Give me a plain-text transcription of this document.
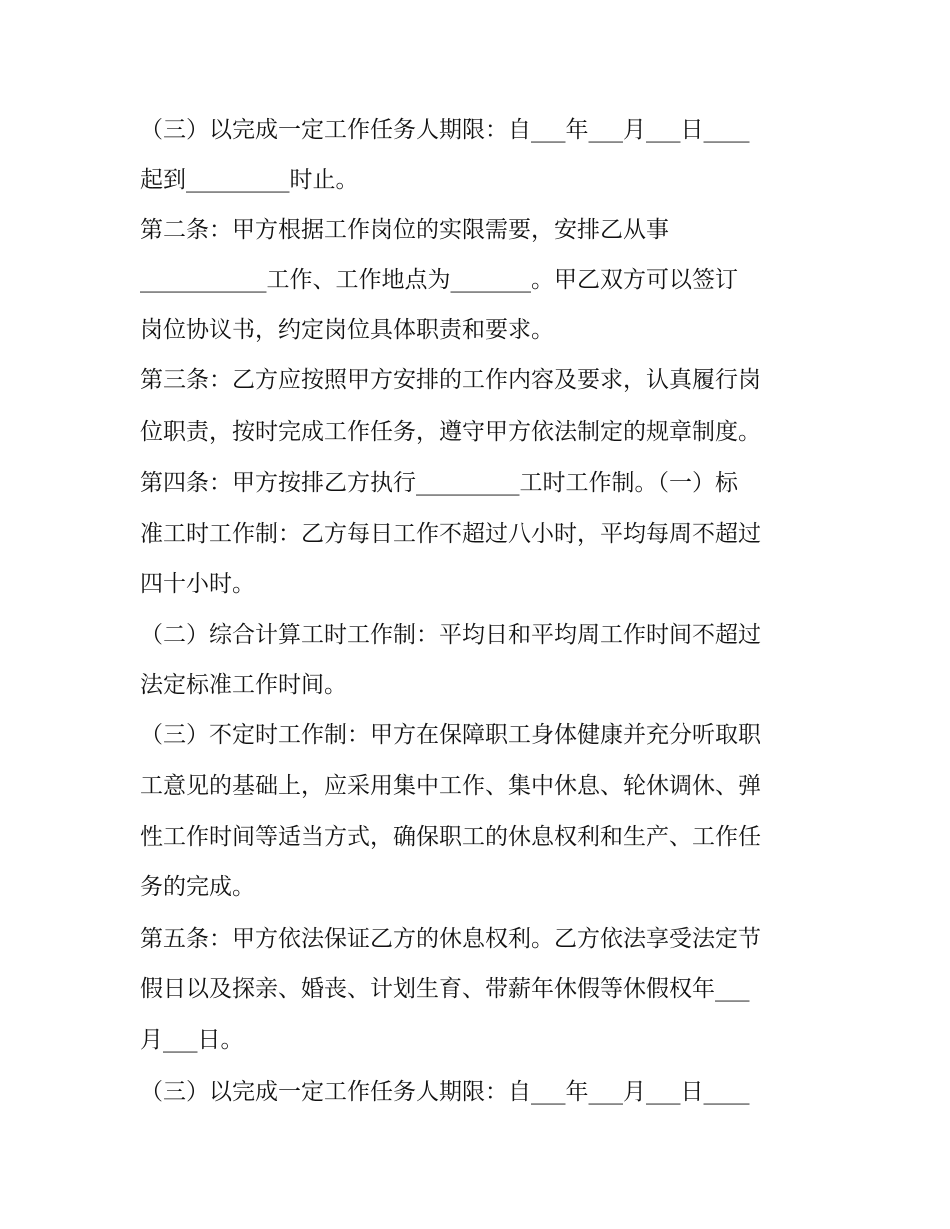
（三）以完成一定工作任务人期限：自___年___月___日____
起到_________时止。
第二条：甲方根据工作岗位的实限需要，安排乙从事
___________工作、工作地点为_______。甲乙双方可以签订
岗位协议书，约定岗位具体职责和要求。
第三条：乙方应按照甲方安排的工作内容及要求，认真履行岗
位职责，按时完成工作任务，遵守甲方依法制定的规章制度。
第四条：甲方按排乙方执行_________工时工作制。（一）标
准工时工作制：乙方每日工作不超过八小时，平均每周不超过
四十小时。
（二）综合计算工时工作制：平均日和平均周工作时间不超过
法定标准工作时间。
（三）不定时工作制：甲方在保障职工身体健康并充分听取职
工意见的基础上，应采用集中工作、集中休息、轮休调休、弹
性工作时间等适当方式，确保职工的休息权利和生产、工作任
务的完成。
第五条：甲方依法保证乙方的休息权利。乙方依法享受法定节
假日以及探亲、婚丧、计划生育、带薪年休假等休假权年___
月___日。
（三）以完成一定工作任务人期限：自___年___月___日____
